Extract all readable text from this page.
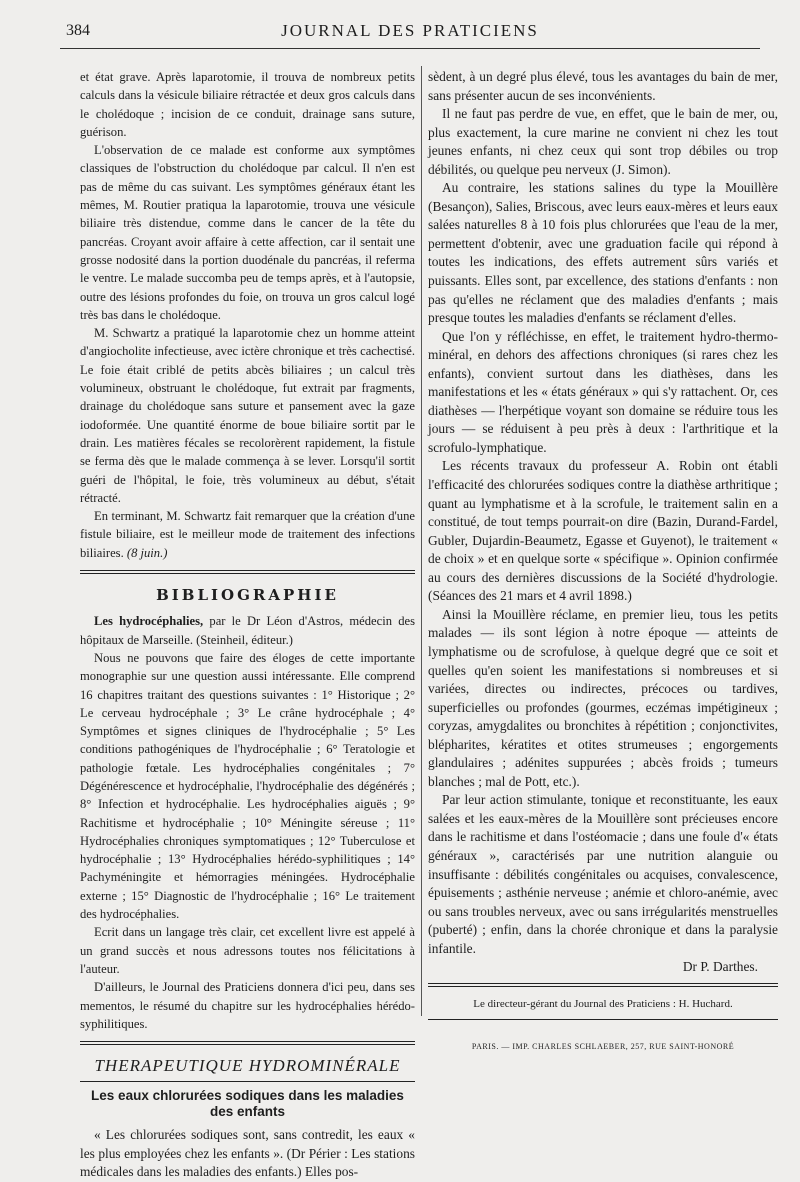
384	JOURNAL DES PRATICIENS

et état grave. Après laparotomie, il trouva de nombreux petits calculs dans la vésicule biliaire rétractée et deux gros calculs dans le cholédoque ; incision de ce conduit, drainage sans suture, guérison.

L'observation de ce malade est conforme aux symptômes classiques de l'obstruction du cholédoque par calcul. Il n'en est pas de même du cas suivant. Les symptômes généraux étant les mêmes, M. Routier pratiqua la laparotomie, trouva une vésicule biliaire très distendue, comme dans le cancer de la tête du pancréas. Croyant avoir affaire à cette affection, car il sentait une grosse nodosité dans la portion duodénale du pancréas, il referma le ventre. Le malade succomba peu de temps après, et à l'autopsie, outre des lésions profondes du foie, on trouva un gros calcul logé très bas dans le cholédoque.

M. Schwartz a pratiqué la laparotomie chez un homme atteint d'angiocholite infectieuse, avec ictère chronique et très cachectisé. Le foie était criblé de petits abcès biliaires ; un calcul très volumineux, obstruant le cholédoque, fut extrait par fragments, drainage du cholédoque sans suture et pansement avec la gaze iodoformée. Une quantité énorme de boue biliaire sortit par le drain. Les matières fécales se recolorèrent rapidement, la fistule se ferma dès que le malade commença à se lever. Lorsqu'il sortit guéri de l'hôpital, le foie, très volumineux au début, s'était rétracté.

En terminant, M. Schwartz fait remarquer que la création d'une fistule biliaire, est le meilleur mode de traitement des infections biliaires. (8 juin.)

BIBLIOGRAPHIE

Les hydrocéphalies, par le Dr Léon d'Astros, médecin des hôpitaux de Marseille. (Steinheil, éditeur.)

Nous ne pouvons que faire des éloges de cette importante monographie sur une question aussi intéressante. Elle comprend 16 chapitres traitant des questions suivantes : 1° Historique ; 2° Le cerveau hydrocéphale ; 3° Le crâne hydrocéphale ; 4° Symptômes et signes cliniques de l'hydrocéphalie ; 5° Les conditions pathogéniques de l'hydrocéphalie ; 6° Teratologie et pathologie fœtale. Les hydrocéphalies congénitales ; 7° Dégénérescence et hydrocéphalie, l'hydrocéphalie des dégénérés ; 8° Infection et hydrocéphalie. Les hydrocéphalies aiguës ; 9° Rachitisme et hydrocéphalie ; 10° Méningite séreuse ; 11° Hydrocéphalies chroniques symptomatiques ; 12° Tuberculose et hydrocéphalie ; 13° Hydrocéphalies hérédo-syphilitiques ; 14° Pachyméningite et hémorragies méningées. Hydrocéphalie externe ; 15° Diagnostic de l'hydrocéphalie ; 16° Le traitement des hydrocéphalies.

Ecrit dans un langage très clair, cet excellent livre est appelé à un grand succès et nous adressons toutes nos félicitations à l'auteur.

D'ailleurs, le Journal des Praticiens donnera d'ici peu, dans ses mementos, le résumé du chapitre sur les hydrocéphalies hérédo-syphilitiques.

THERAPEUTIQUE HYDROMINÉRALE
Les eaux chlorurées sodiques dans les maladies des enfants

« Les chlorurées sodiques sont, sans contredit, les eaux « les plus employées chez les enfants ». (Dr Périer : Les stations médicales dans les maladies des enfants.) Elles pos-

sèdent, à un degré plus élevé, tous les avantages du bain de mer, sans présenter aucun de ses inconvénients.

Il ne faut pas perdre de vue, en effet, que le bain de mer, ou, plus exactement, la cure marine ne convient ni chez les tout jeunes enfants, ni chez ceux qui sont trop débiles ou trop débilités, ou quelque peu nerveux (J. Simon).

Au contraire, les stations salines du type la Mouillère (Besançon), Salies, Briscous, avec leurs eaux-mères et leurs eaux salées naturelles 8 à 10 fois plus chlorurées que l'eau de la mer, permettent d'obtenir, avec une graduation facile qui répond à toutes les indications, des effets autrement sûrs variés et puissants. Elles sont, par excellence, des stations d'enfants : non pas qu'elles ne réclament que des maladies d'enfants ; mais presque toutes les maladies d'enfants se réclament d'elles.

Que l'on y réfléchisse, en effet, le traitement hydro-thermo-minéral, en dehors des affections chroniques (si rares chez les enfants), convient surtout dans les diathèses, dans les manifestations et les « états généraux » qui s'y rattachent. Or, ces diathèses — l'herpétique voyant son domaine se réduire tous les jours — se réduisent à peu près à deux : l'arthritique et la scrofulo-lymphatique.

Les récents travaux du professeur A. Robin ont établi l'efficacité des chlorurées sodiques contre la diathèse arthritique ; quant au lymphatisme et à la scrofule, le traitement salin en a constitué, de tout temps pourrait-on dire (Bazin, Durand-Fardel, Gubler, Dujardin-Beaumetz, Egasse et Guyenot), le traitement « de choix » et en quelque sorte « spécifique ». Opinion confirmée au cours des dernières discussions de la Société d'hydrologie. (Séances des 21 mars et 4 avril 1898.)

Ainsi la Mouillère réclame, en premier lieu, tous les petits malades — ils sont légion à notre époque — atteints de lymphatisme ou de scrofulose, à quelque degré que ce soit et quelles qu'en soient les manifestations si nombreuses et si variées, directes ou indirectes, précoces ou tardives, superficielles ou profondes (gourmes, eczémas impétigineux ; coryzas, amygdalites ou bronchites à répétition ; conjonctivites, blépharites, kératites et otites strumeuses ; engorgements glandulaires ; adénites suppurées ; abcès froids ; tumeurs blanches ; mal de Pott, etc.).

Par leur action stimulante, tonique et reconstituante, les eaux salées et les eaux-mères de la Mouillère sont précieuses encore dans le rachitisme et dans l'ostéomacie ; dans une foule d'« états généraux », caractérisés par une nutrition alanguie ou insuffisante : débilités congénitales ou acquises, convalescence, épuisements ; asthénie nerveuse ; anémie et chloro-anémie, avec ou sans troubles nerveux, avec ou sans irrégularités menstruelles (puberté) ; enfin, dans la chorée chronique et dans la paralysie infantile.

Dr P. Darthes.

Le directeur-gérant du Journal des Praticiens : H. Huchard.

PARIS. — IMP. CHARLES SCHLAEBER, 257, RUE SAINT-HONORÉ
